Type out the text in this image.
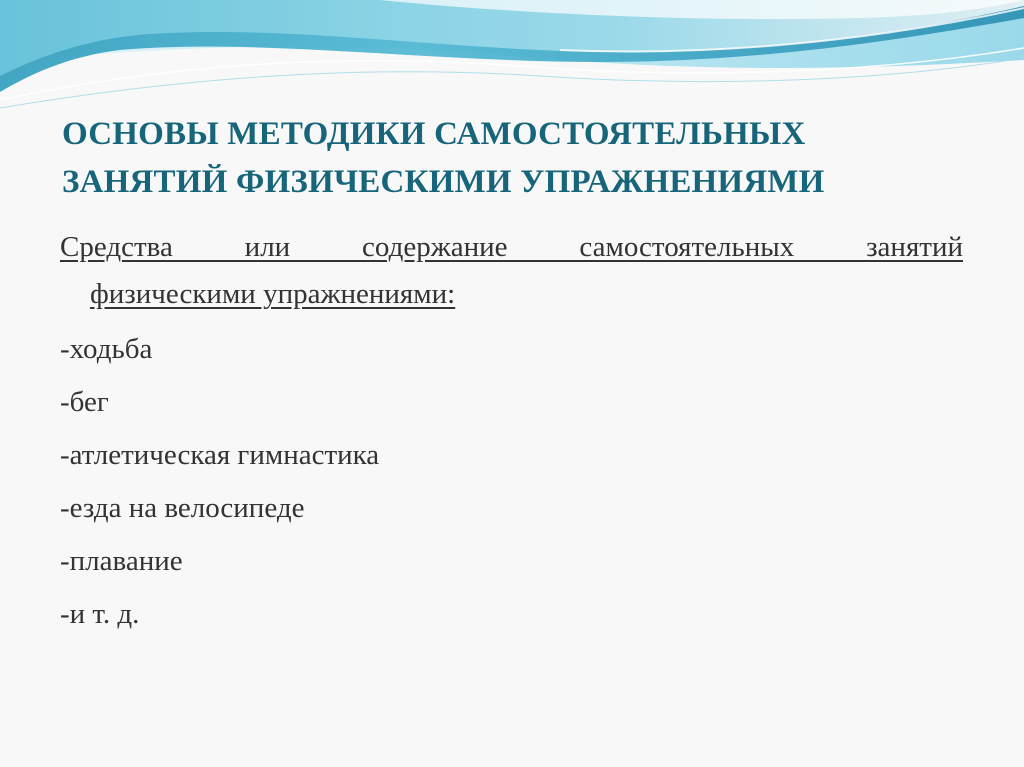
ОСНОВЫ МЕТОДИКИ САМОСТОЯТЕЛЬНЫХ
ЗАНЯТИЙ ФИЗИЧЕСКИМИ УПРАЖНЕНИЯМИ
Средства или содержание самостоятельных занятий
физическими упражнениями:
-ходьба
-бег
-атлетическая гимнастика
-езда на велосипеде
-плавание
-и т. д.
